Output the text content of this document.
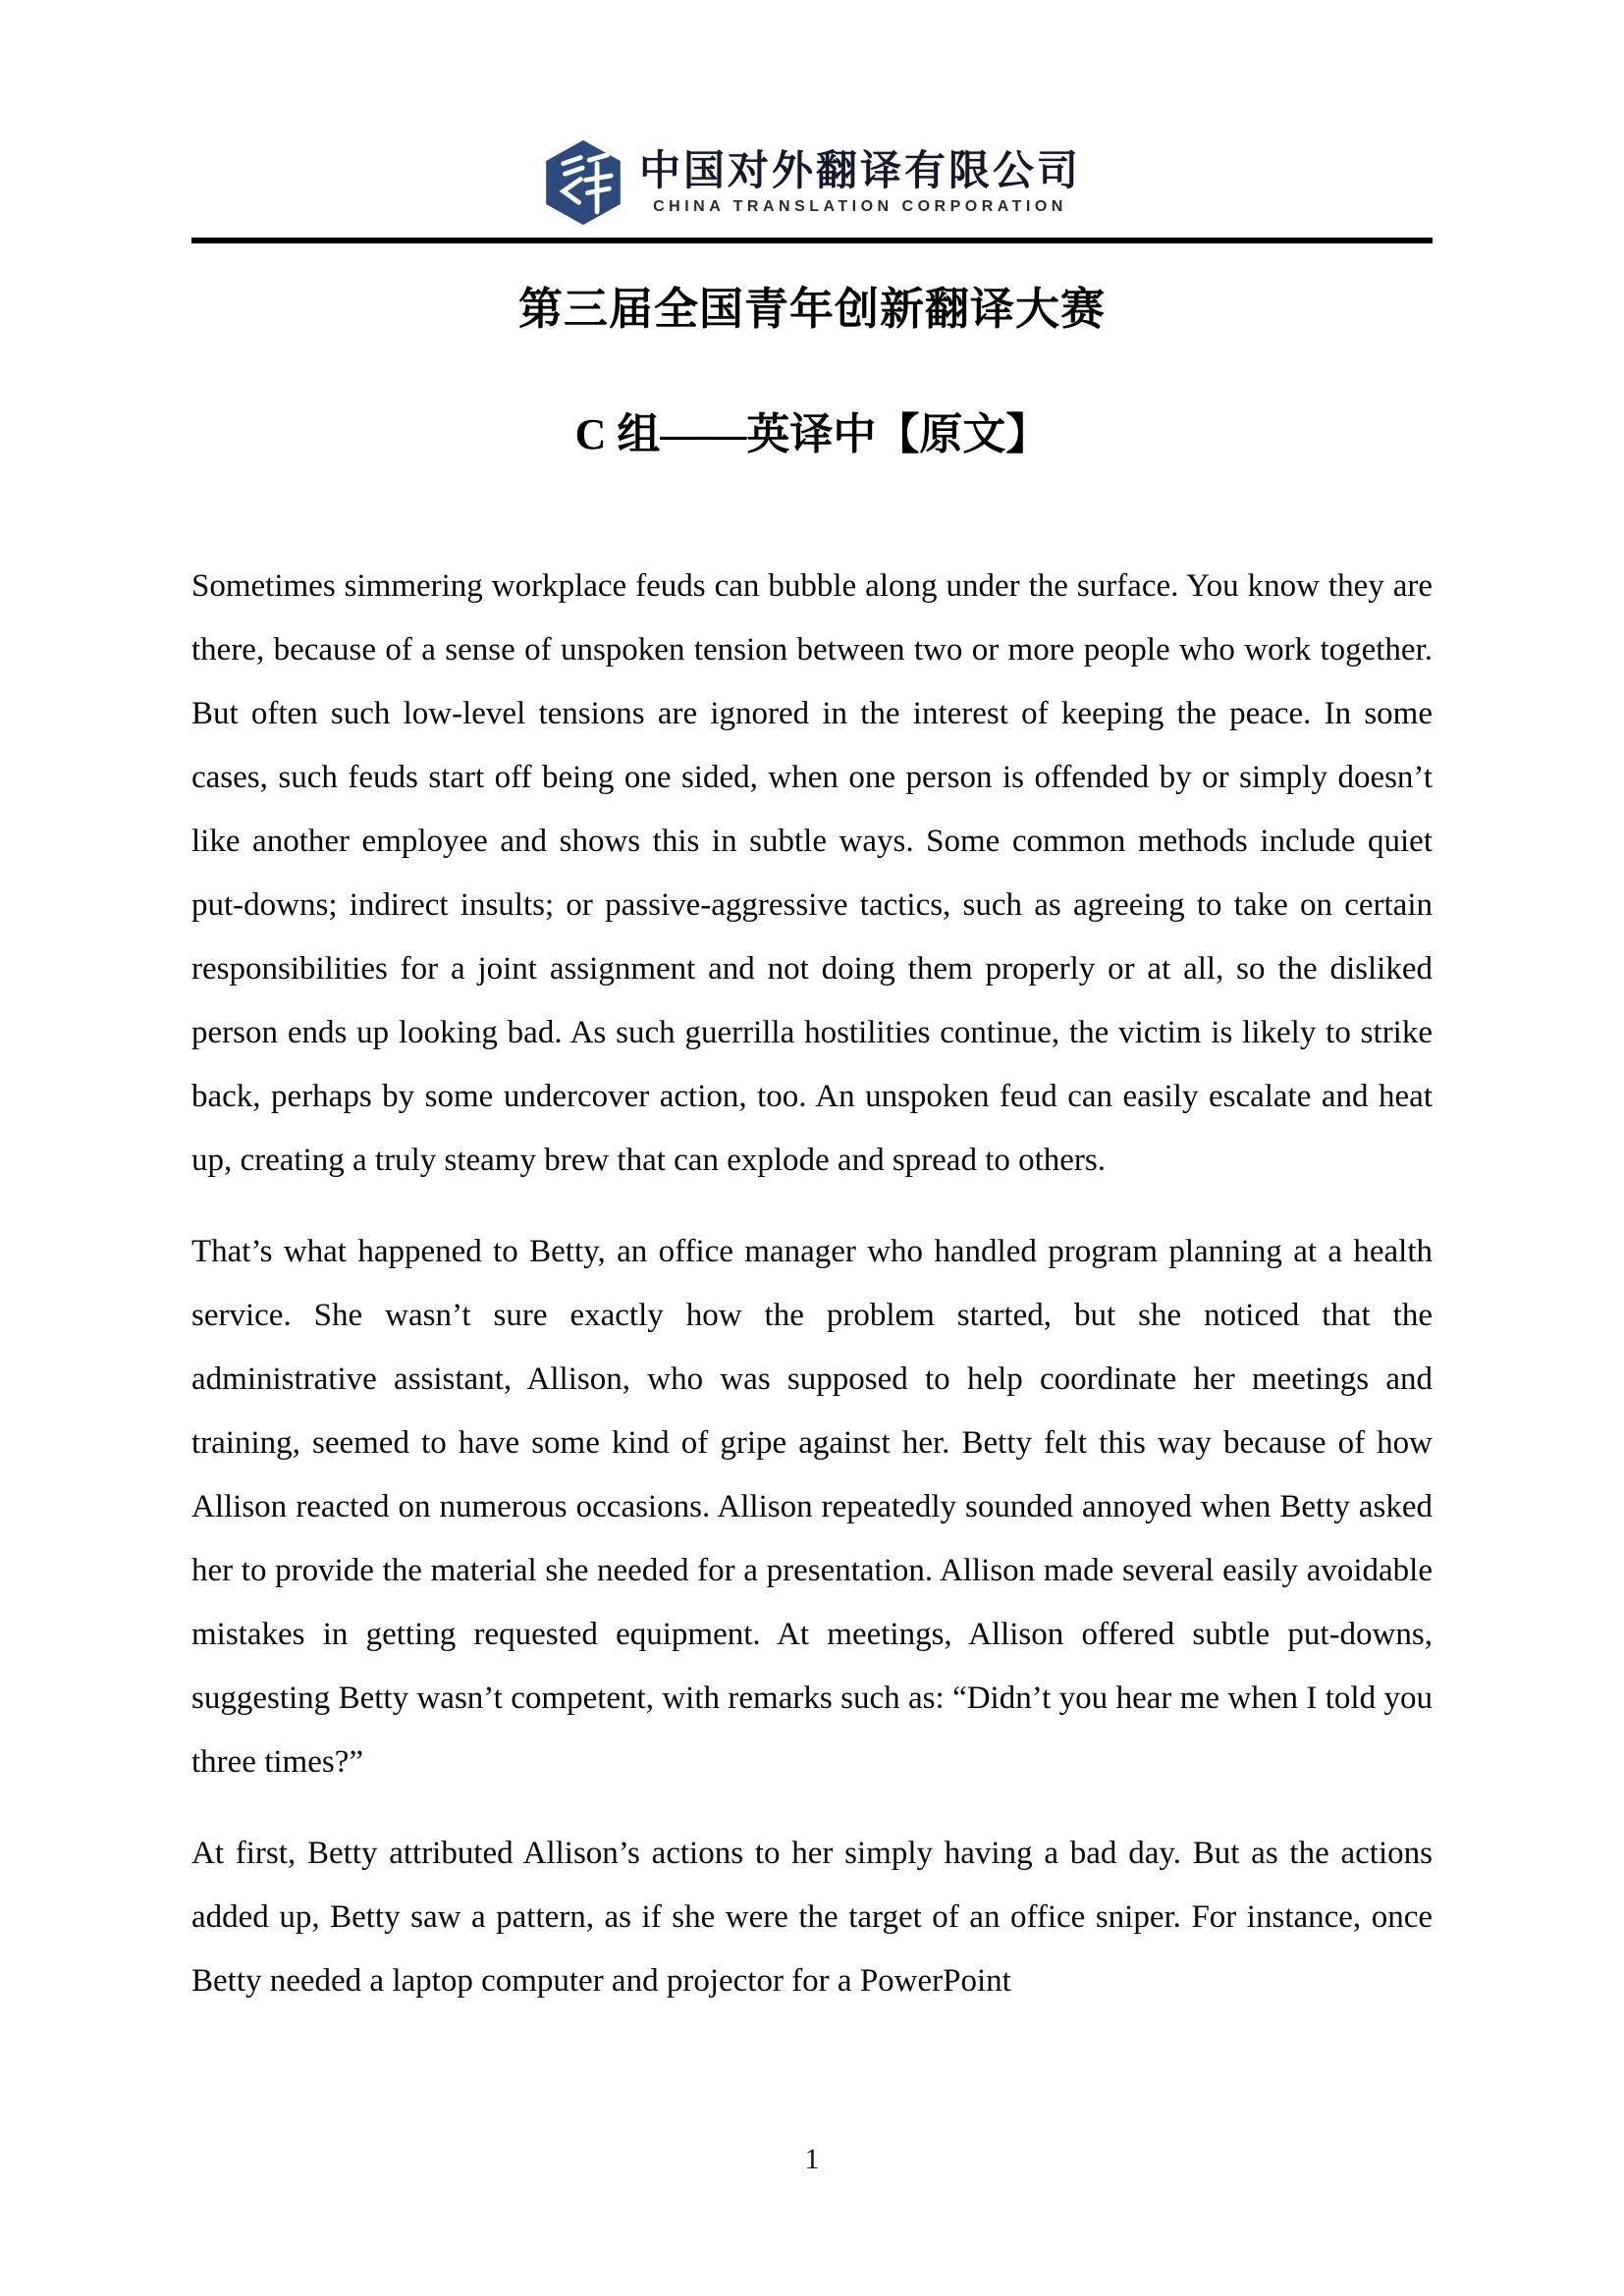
中国对外翻译有限公司
CHINA TRANSLATION CORPORATION
第三届全国青年创新翻译大赛
C 组——英译中【原文】

Sometimes simmering workplace feuds can bubble along under the surface. You know they are there, because of a sense of unspoken tension between two or more people who work together. But often such low-level tensions are ignored in the interest of keeping the peace. In some cases, such feuds start off being one sided, when one person is offended by or simply doesn’t like another employee and shows this in subtle ways. Some common methods include quiet put-downs; indirect insults; or passive-aggressive tactics, such as agreeing to take on certain responsibilities for a joint assignment and not doing them properly or at all, so the disliked person ends up looking bad. As such guerrilla hostilities continue, the victim is likely to strike back, perhaps by some undercover action, too. An unspoken feud can easily escalate and heat up, creating a truly steamy brew that can explode and spread to others.

That’s what happened to Betty, an office manager who handled program planning at a health service. She wasn’t sure exactly how the problem started, but she noticed that the administrative assistant, Allison, who was supposed to help coordinate her meetings and training, seemed to have some kind of gripe against her. Betty felt this way because of how Allison reacted on numerous occasions. Allison repeatedly sounded annoyed when Betty asked her to provide the material she needed for a presentation. Allison made several easily avoidable mistakes in getting requested equipment. At meetings, Allison offered subtle put-downs, suggesting Betty wasn’t competent, with remarks such as: “Didn’t you hear me when I told you three times?”

At first, Betty attributed Allison’s actions to her simply having a bad day. But as the actions added up, Betty saw a pattern, as if she were the target of an office sniper. For instance, once Betty needed a laptop computer and projector for a PowerPoint

1
